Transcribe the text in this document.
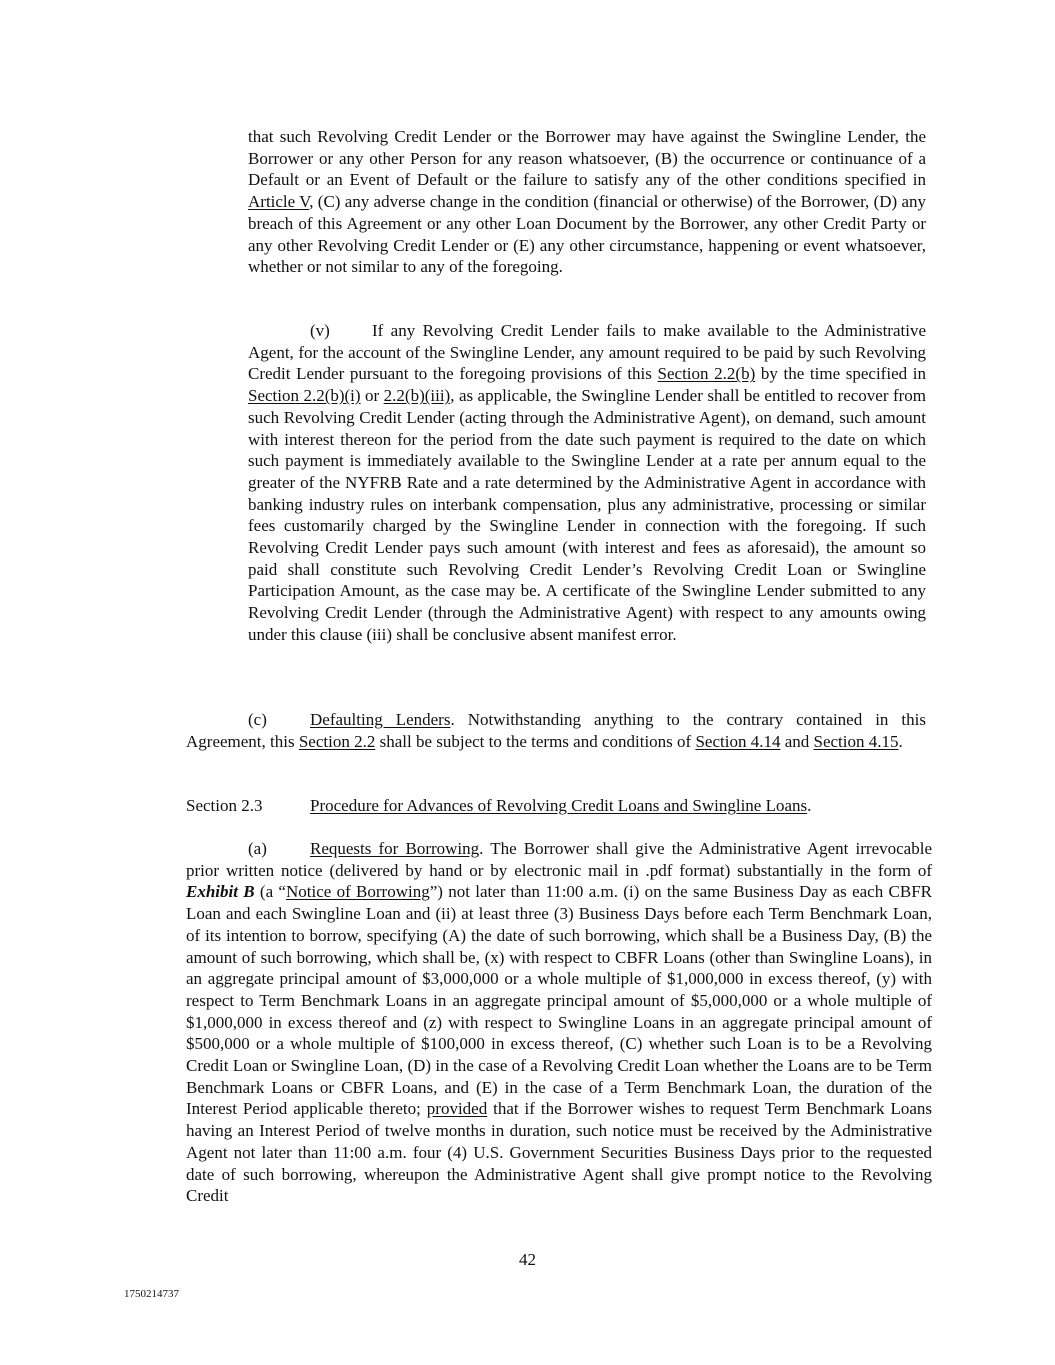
that such Revolving Credit Lender or the Borrower may have against the Swingline Lender, the Borrower or any other Person for any reason whatsoever, (B) the occurrence or continuance of a Default or an Event of Default or the failure to satisfy any of the other conditions specified in Article V, (C) any adverse change in the condition (financial or otherwise) of the Borrower, (D) any breach of this Agreement or any other Loan Document by the Borrower, any other Credit Party or any other Revolving Credit Lender or (E) any other circumstance, happening or event whatsoever, whether or not similar to any of the foregoing.

(v) If any Revolving Credit Lender fails to make available to the Administrative Agent, for the account of the Swingline Lender, any amount required to be paid by such Revolving Credit Lender pursuant to the foregoing provisions of this Section 2.2(b) by the time specified in Section 2.2(b)(i) or 2.2(b)(iii), as applicable, the Swingline Lender shall be entitled to recover from such Revolving Credit Lender (acting through the Administrative Agent), on demand, such amount with interest thereon for the period from the date such payment is required to the date on which such payment is immediately available to the Swingline Lender at a rate per annum equal to the greater of the NYFRB Rate and a rate determined by the Administrative Agent in accordance with banking industry rules on interbank compensation, plus any administrative, processing or similar fees customarily charged by the Swingline Lender in connection with the foregoing. If such Revolving Credit Lender pays such amount (with interest and fees as aforesaid), the amount so paid shall constitute such Revolving Credit Lender’s Revolving Credit Loan or Swingline Participation Amount, as the case may be. A certificate of the Swingline Lender submitted to any Revolving Credit Lender (through the Administrative Agent) with respect to any amounts owing under this clause (iii) shall be conclusive absent manifest error.

(c)	Defaulting Lenders. Notwithstanding anything to the contrary contained in this Agreement, this Section 2.2 shall be subject to the terms and conditions of Section 4.14 and Section 4.15.

Section 2.3	Procedure for Advances of Revolving Credit Loans and Swingline Loans.

(a)	Requests for Borrowing. The Borrower shall give the Administrative Agent irrevocable prior written notice (delivered by hand or by electronic mail in .pdf format) substantially in the form of Exhibit B (a “Notice of Borrowing”) not later than 11:00 a.m. (i) on the same Business Day as each CBFR Loan and each Swingline Loan and (ii) at least three (3) Business Days before each Term Benchmark Loan, of its intention to borrow, specifying (A) the date of such borrowing, which shall be a Business Day, (B) the amount of such borrowing, which shall be, (x) with respect to CBFR Loans (other than Swingline Loans), in an aggregate principal amount of $3,000,000 or a whole multiple of $1,000,000 in excess thereof, (y) with respect to Term Benchmark Loans in an aggregate principal amount of $5,000,000 or a whole multiple of $1,000,000 in excess thereof and (z) with respect to Swingline Loans in an aggregate principal amount of $500,000 or a whole multiple of $100,000 in excess thereof, (C) whether such Loan is to be a Revolving Credit Loan or Swingline Loan, (D) in the case of a Revolving Credit Loan whether the Loans are to be Term Benchmark Loans or CBFR Loans, and (E) in the case of a Term Benchmark Loan, the duration of the Interest Period applicable thereto; provided that if the Borrower wishes to request Term Benchmark Loans having an Interest Period of twelve months in duration, such notice must be received by the Administrative Agent not later than 11:00 a.m. four (4) U.S. Government Securities Business Days prior to the requested date of such borrowing, whereupon the Administrative Agent shall give prompt notice to the Revolving Credit

42
1750214737
